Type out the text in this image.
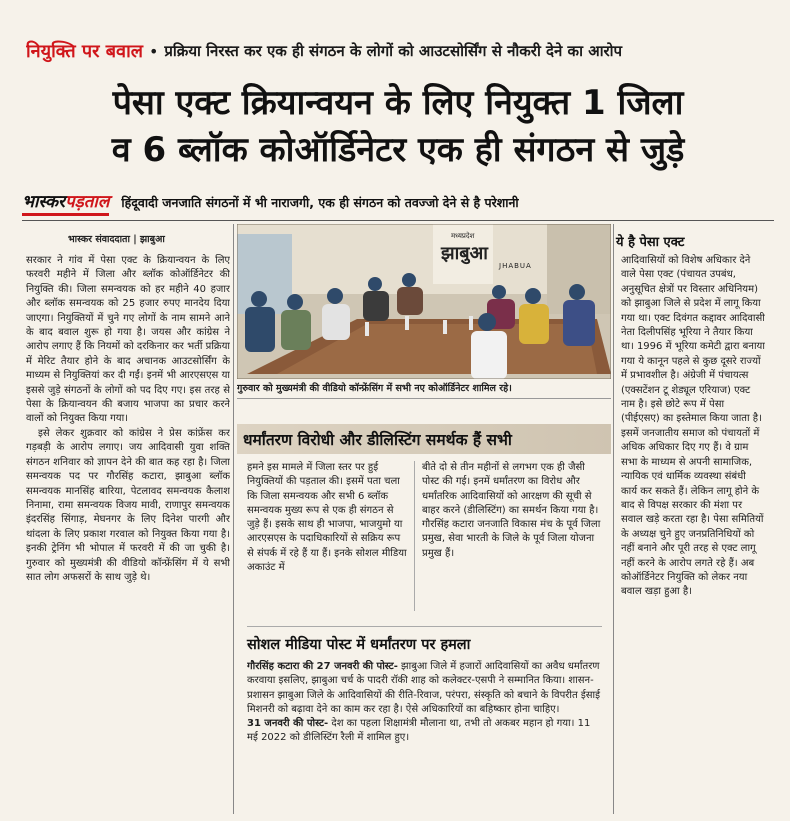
नियुक्ति पर बवाल • प्रक्रिया निरस्त कर एक ही संगठन के लोगों को आउटसोर्सिंग से नौकरी देने का आरोप
पेसा एक्ट क्रियान्वयन के लिए नियुक्त 1 जिला
व 6 ब्लॉक कोऑर्डिनेटर एक ही संगठन से जुड़े
भास्करपड़ताल हिंदूवादी जनजाति संगठनों में भी नाराजगी, एक ही संगठन को तवज्जो देने से है परेशानी
भास्कर संवाददाता | झाबुआ

सरकार ने गांव में पेसा एक्ट के क्रियान्वयन के लिए फरवरी महीने में जिला और ब्लॉक कोऑर्डिनेटर की नियुक्ति की। जिला समन्वयक को हर महीने 40 हजार और ब्लॉक समन्वयक को 25 हजार रुपए मानदेय दिया जाएगा। नियुक्तियों में चुने गए लोगों के नाम सामने आने के बाद बवाल शुरू हो गया है। जयस और कांग्रेस ने आरोप लगाए हैं कि नियमों को दरकिनार कर भर्ती प्रक्रिया में मेरिट तैयार होने के बाद अचानक आउटसोर्सिंग के माध्यम से नियुक्तियां कर दी गईं। इनमें भी आरएसएस या इससे जुड़े संगठनों के लोगों को पद दिए गए। इस तरह से पेसा के क्रियान्वयन की बजाय भाजपा का प्रचार करने वालों को नियुक्त किया गया।

इसे लेकर शुक्रवार को कांग्रेस ने प्रेस कांफ्रेंस कर गड़बड़ी के आरोप लगाए। जय आदिवासी युवा शक्ति संगठन शनिवार को ज्ञापन देने की बात कह रहा है। जिला समन्वयक पद पर गौरसिंह कटारा, झाबुआ ब्लॉक समन्वयक मानसिंह बारिया, पेटलावद समन्वयक कैलाश निनामा, रामा समन्वयक विजय मावी, राणापुर समन्वयक इंदरसिंह सिंगाड़, मेघनगर के लिए दिनेश पारगी और थांदला के लिए प्रकाश गरवाल को नियुक्त किया गया है। इनकी ट्रेनिंग भी भोपाल में फरवरी में की जा चुकी है। गुरुवार को मुख्यमंत्री की वीडियो कॉन्फ्रेंसिंग में ये सभी सात लोग अफसरों के साथ जुड़े थे।

मध्यप्रदेश
झाबुआ
JHABUA
गुरुवार को मुख्यमंत्री की वीडियो कॉन्फ्रेंसिंग में सभी नए कोऑर्डिनेटर शामिल रहे।
ये है पेसा एक्ट

आदिवासियों को विशेष अधिकार देने वाले पेसा एक्ट (पंचायत उपबंध, अनुसूचित क्षेत्रों पर विस्तार अधिनियम) को झाबुआ जिले से प्रदेश में लागू किया गया था। एक्ट दिवंगत कद्दावर आदिवासी नेता दिलीपसिंह भूरिया ने तैयार किया था। 1996 में भूरिया कमेटी द्वारा बनाया गया ये कानून पहले से कुछ दूसरे राज्यों में प्रभावशील है। अंग्रेजी में पंचायत्स (एक्सटेंशन टू शेड्यूल एरियाज) एक्ट नाम है। इसे छोटे रूप में पेसा (पीईएसए) का इस्तेमाल किया जाता है। इसमें जनजातीय समाज को पंचायतों में अधिक अधिकार दिए गए हैं। वे ग्राम सभा के माध्यम से अपनी सामाजिक, न्यायिक एवं धार्मिक व्यवस्था संबंधी कार्य कर सकते हैं। लेकिन लागू होने के बाद से विपक्ष सरकार की मंशा पर सवाल खड़े करता रहा है। पेसा समितियों के अध्यक्ष चुने हुए जनप्रतिनिधियों को नहीं बनाने और पूरी तरह से एक्ट लागू नहीं करने के आरोप लगते रहे हैं। अब कोऑर्डिनेटर नियुक्ति को लेकर नया बवाल खड़ा हुआ है।

धर्मांतरण विरोधी और डीलिस्टिंग समर्थक हैं सभी
हमने इस मामले में जिला स्तर पर हुई नियुक्तियों की पड़ताल की। इसमें पता चला कि जिला समन्वयक और सभी 6 ब्लॉक समन्वयक मुख्य रूप से एक ही संगठन से जुड़े हैं। इसके साथ ही भाजपा, भाजयुमो या आरएसएस के पदाधिकारियों से सक्रिय रूप से संपर्क में रहे हैं या हैं। इनके सोशल मीडिया अकाउंट में
बीते दो से तीन महीनों से लगभग एक ही जैसी पोस्ट की गई। इनमें धर्मांतरण का विरोध और धर्मांतरिक आदिवासियों को आरक्षण की सूची से बाहर करने (डीलिस्टिंग) का समर्थन किया गया है। गौरसिंह कटारा जनजाति विकास मंच के पूर्व जिला प्रमुख, सेवा भारती के जिले के पूर्व जिला योजना प्रमुख हैं।
सोशल मीडिया पोस्ट में धर्मांतरण पर हमला
गौरसिंह कटारा की 27 जनवरी की पोस्ट- झाबुआ जिले में हजारों आदिवासियों का अवैध धर्मांतरण करवाया इसलिए, झाबुआ चर्च के पादरी रॉकी शाह को कलेक्टर-एसपी ने सम्मानित किया। शासन-प्रशासन झाबुआ जिले के आदिवासियों की रीति-रिवाज, परंपरा, संस्कृति को बचाने के विपरीत ईसाई मिशनरी को बढ़ावा देने का काम कर रहा है। ऐसे अधिकारियों का बहिष्कार होना चाहिए।
31 जनवरी की पोस्ट- देश का पहला शिक्षामंत्री मौलाना था, तभी तो अकबर महान हो गया। 11 मई 2022 को डीलिस्टिंग रैली में शामिल हुए।
